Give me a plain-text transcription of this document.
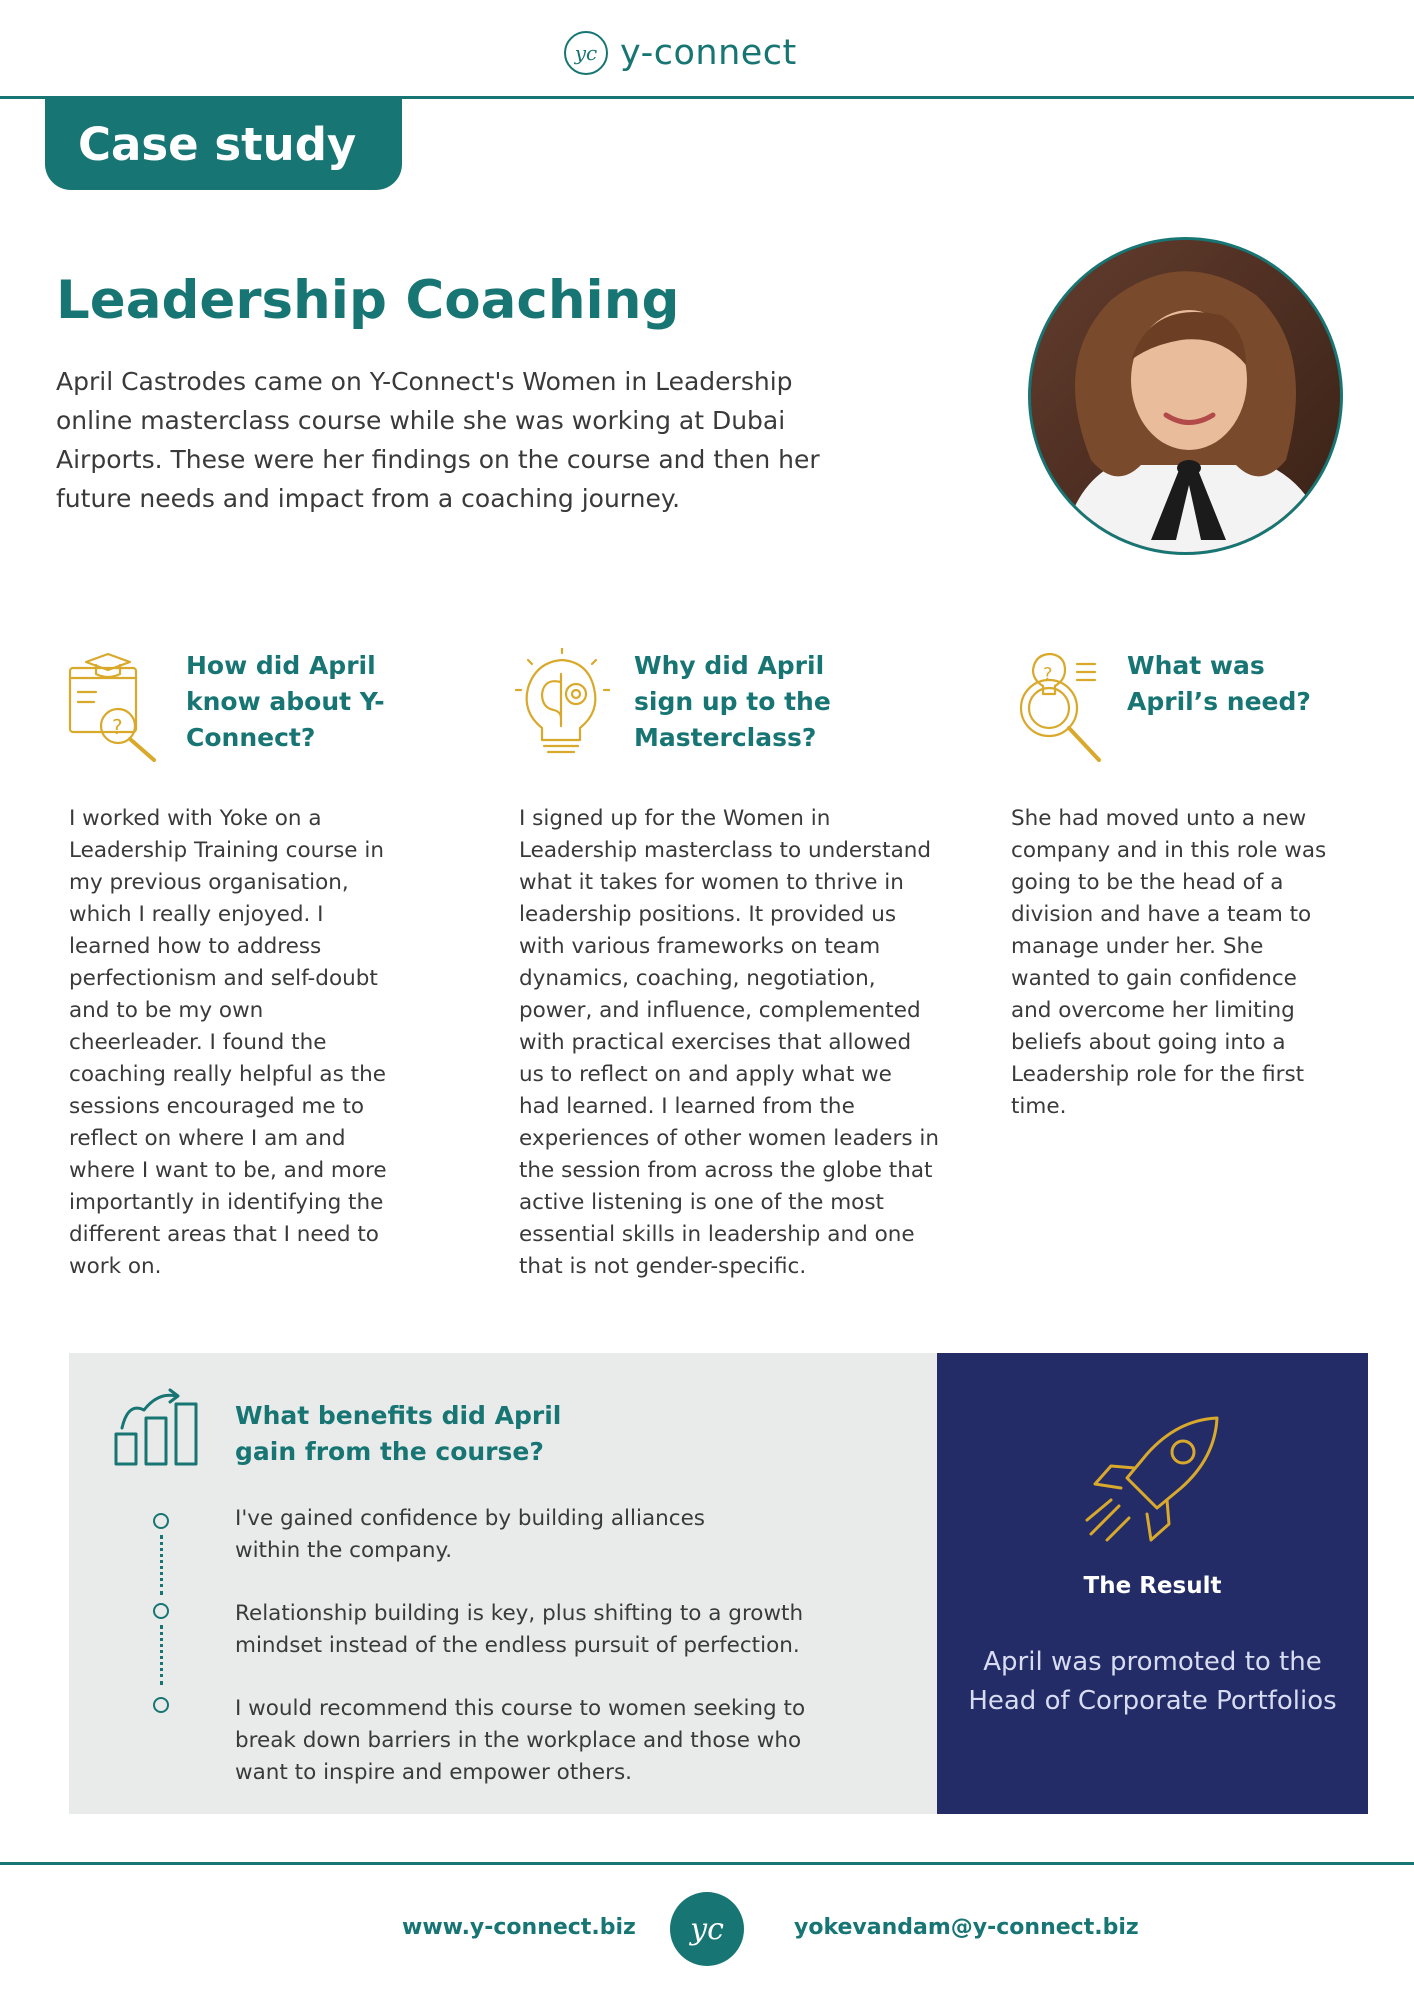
yc y-connect
Case study
Leadership Coaching

April Castrodes came on Y-Connect's Women in Leadership online masterclass course while she was working at Dubai Airports. These were her findings on the course and then her future needs and impact from a coaching journey.

?
How did April know about Y-Connect?

I worked with Yoke on a Leadership Training course in my previous organisation, which I really enjoyed. I learned how to address perfectionism and self-doubt and to be my own cheerleader. I found the coaching really helpful as the sessions encouraged me to reflect on where I am and where I want to be, and more importantly in identifying the different areas that I need to work on.

Why did April sign up to the Masterclass?

I signed up for the Women in Leadership masterclass to understand what it takes for women to thrive in leadership positions. It provided us with various frameworks on team dynamics, coaching, negotiation, power, and influence, complemented with practical exercises that allowed us to reflect on and apply what we had learned. I learned from the experiences of other women leaders in the session from across the globe that active listening is one of the most essential skills in leadership and one that is not gender-specific.

?	What was April’s need?

She had moved unto a new company and in this role was going to be the head of a division and have a team to manage under her. She wanted to gain confidence and overcome her limiting beliefs about going into a Leadership role for the first time.

What benefits did April gain from the course?

I've gained confidence by building alliances within the company.

Relationship building is key, plus shifting to a growth mindset instead of the endless pursuit of perfection.

I would recommend this course to women seeking to break down barriers in the workplace and those who want to inspire and empower others.

The Result

April was promoted to the Head of Corporate Portfolios

www.y-connect.biz	yc	yokevandam@y-connect.biz
